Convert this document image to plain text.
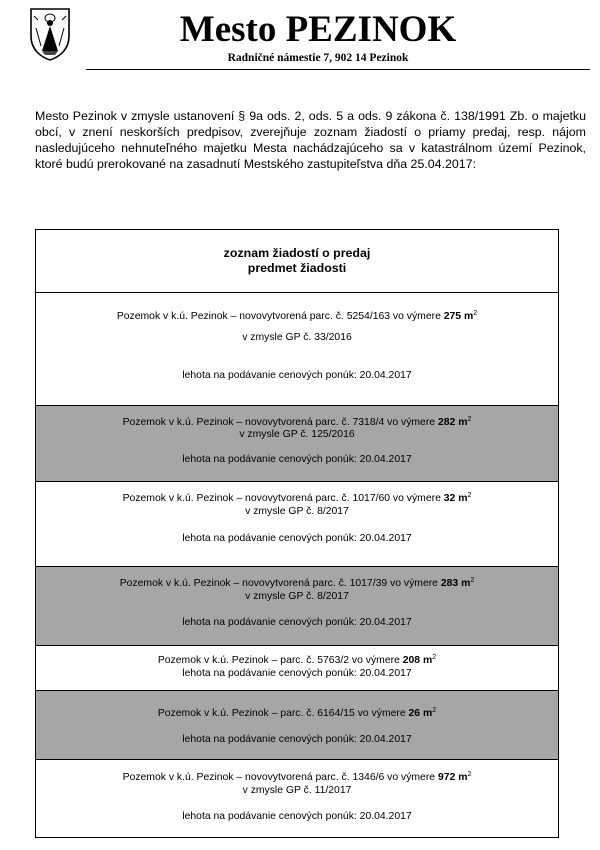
Mesto PEZINOK
Radničné námestie 7, 902 14 Pezinok
Mesto Pezinok v zmysle ustanovení § 9a ods. 2, ods. 5 a ods. 9 zákona č. 138/1991 Zb. o majetku obcí, v znení neskorších predpisov, zverejňuje zoznam žiadostí o priamy predaj, resp. nájom nasledujúceho nehnuteľného majetku Mesta nachádzajúceho sa v katastrálnom území Pezinok, ktoré budú prerokované na zasadnutí Mestského zastupiteľstva dňa 25.04.2017:
zoznam žiadostí o predaj
predmet žiadosti
Pozemok v k.ú. Pezinok – novovytvorená parc. č. 5254/163 vo výmere 275 $m^2$
v zmysle GP č. 33/2016
lehota na podávanie cenových ponúk: 20.04.2017
Pozemok v k.ú. Pezinok – novovytvorená parc. č. 7318/4 vo výmere 282 $m^2$
v zmysle GP č. 125/2016
lehota na podávanie cenových ponúk: 20.04.2017
Pozemok v k.ú. Pezinok – novovytvorená parc. č. 1017/60 vo výmere 32 $m^2$
v zmysle GP č. 8/2017
lehota na podávanie cenových ponúk: 20.04.2017
Pozemok v k.ú. Pezinok – novovytvorená parc. č. 1017/39 vo výmere 283 $m^2$
v zmysle GP č. 8/2017
lehota na podávanie cenových ponúk: 20.04.2017
Pozemok v k.ú. Pezinok – parc. č. 5763/2 vo výmere 208 $m^2$
lehota na podávanie cenových ponúk: 20.04.2017
Pozemok v k.ú. Pezinok – parc. č. 6164/15 vo výmere 26 $m^2$
lehota na podávanie cenových ponúk: 20.04.2017
Pozemok v k.ú. Pezinok – novovytvorená parc. č. 1346/6 vo výmere 972 $m^2$
v zmysle GP č. 11/2017
lehota na podávanie cenových ponúk: 20.04.2017
